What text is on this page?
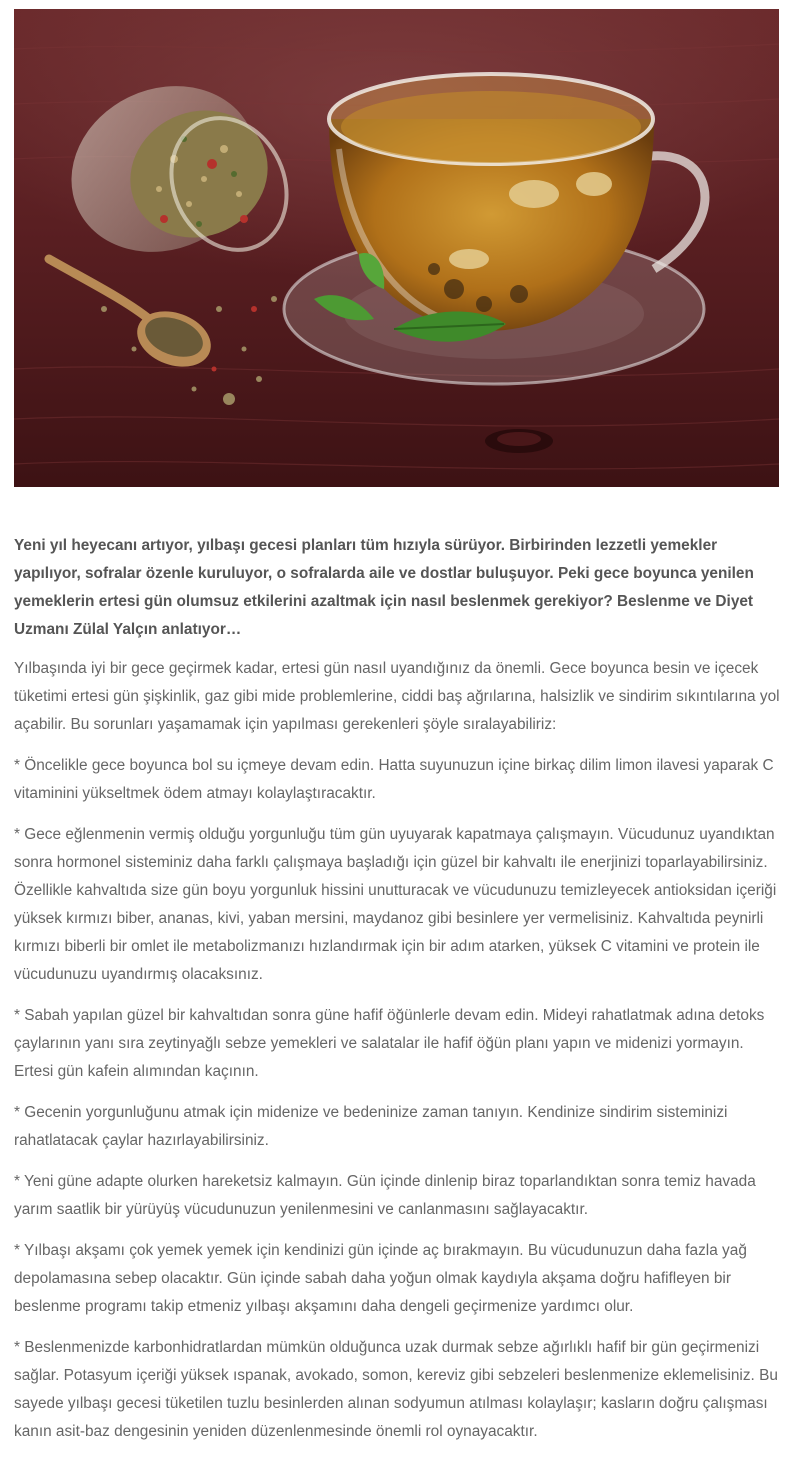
Yeni yıl heyecanı artıyor, yılbaşı gecesi planları tüm hızıyla sürüyor. Birbirinden lezzetli yemekler yapılıyor, sofralar özenle kuruluyor, o sofralarda aile ve dostlar buluşuyor. Peki gece boyunca yenilen yemeklerin ertesi gün olumsuz etkilerini azaltmak için nasıl beslenmek gerekiyor? Beslenme ve Diyet Uzmanı Zülal Yalçın anlatıyor…

Yılbaşında iyi bir gece geçirmek kadar, ertesi gün nasıl uyandığınız da önemli. Gece boyunca besin ve içecek tüketimi ertesi gün şişkinlik, gaz gibi mide problemlerine, ciddi baş ağrılarına, halsizlik ve sindirim sıkıntılarına yol açabilir. Bu sorunları yaşamamak için yapılması gerekenleri şöyle sıralayabiliriz:

* Öncelikle gece boyunca bol su içmeye devam edin. Hatta suyunuzun içine birkaç dilim limon ilavesi yaparak C vitaminini yükseltmek ödem atmayı kolaylaştıracaktır.

* Gece eğlenmenin vermiş olduğu yorgunluğu tüm gün uyuyarak kapatmaya çalışmayın. Vücudunuz uyandıktan sonra hormonel sisteminiz daha farklı çalışmaya başladığı için güzel bir kahvaltı ile enerjinizi toparlayabilirsiniz. Özellikle kahvaltıda size gün boyu yorgunluk hissini unutturacak ve vücudunuzu temizleyecek antioksidan içeriği yüksek kırmızı biber, ananas, kivi, yaban mersini, maydanoz gibi besinlere yer vermelisiniz. Kahvaltıda peynirli kırmızı biberli bir omlet ile metabolizmanızı hızlandırmak için bir adım atarken, yüksek C vitamini ve protein ile vücudunuzu uyandırmış olacaksınız.

* Sabah yapılan güzel bir kahvaltıdan sonra güne hafif öğünlerle devam edin. Mideyi rahatlatmak adına detoks çaylarının yanı sıra zeytinyağlı sebze yemekleri ve salatalar ile hafif öğün planı yapın ve midenizi yormayın. Ertesi gün kafein alımından kaçının.

* Gecenin yorgunluğunu atmak için midenize ve bedeninize zaman tanıyın. Kendinize sindirim sisteminizi rahatlatacak çaylar hazırlayabilirsiniz.

* Yeni güne adapte olurken hareketsiz kalmayın. Gün içinde dinlenip biraz toparlandıktan sonra temiz havada yarım saatlik bir yürüyüş vücudunuzun yenilenmesini ve canlanmasını sağlayacaktır.

* Yılbaşı akşamı çok yemek yemek için kendinizi gün içinde aç bırakmayın. Bu vücudunuzun daha fazla yağ depolamasına sebep olacaktır. Gün içinde sabah daha yoğun olmak kaydıyla akşama doğru hafifleyen bir beslenme programı takip etmeniz yılbaşı akşamını daha dengeli geçirmenize yardımcı olur.

* Beslenmenizde karbonhidratlardan mümkün olduğunca uzak durmak sebze ağırlıklı hafif bir gün geçirmenizi sağlar. Potasyum içeriği yüksek ıspanak, avokado, somon, kereviz gibi sebzeleri beslenmenize eklemelisiniz. Bu sayede yılbaşı gecesi tüketilen tuzlu besinlerden alınan sodyumun atılması kolaylaşır; kasların doğru çalışması kanın asit-baz dengesinin yeniden düzenlenmesinde önemli rol oynayacaktır.
